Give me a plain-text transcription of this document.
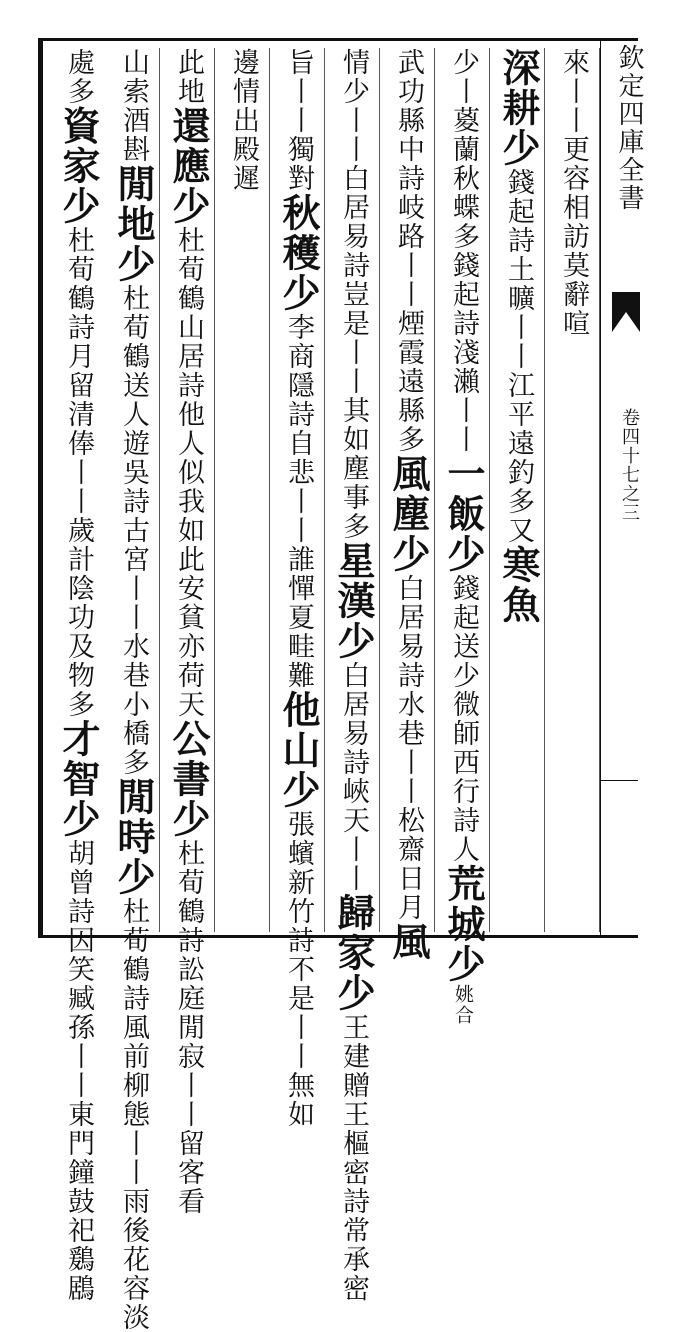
欽定四庫全書
卷四十七之三
來丨丨更容相訪莫辭喧
深耕少錢起詩土曠丨丨江平遠釣多又寒魚
少丨葼蘭秋蝶多錢起詩淺瀨丨丨一飯少錢起送少微師西行詩人荒城少姚合
武功縣中詩岐路丨丨煙霞遠縣多風塵少白居易詩水巷丨丨松齋日月風
情少丨丨白居易詩豈是丨丨其如塵事多星漢少白居易詩峽天丨丨歸家少王建贈王樞密詩常承密
旨丨丨獨對秋穫少李商隱詩自悲丨丨誰憚夏畦難他山少張蠙新竹詩不是丨丨無如
邊情出殿遲
此地還應少杜荀鶴山居詩他人似我如此安貧亦荷天公書少杜荀鶴詩訟庭閒寂丨丨留客看
山索酒斟閒地少杜荀鶴送人遊吳詩古宮丨丨水巷小橋多閒時少杜荀鶴詩風前柳態丨丨雨後花容淡
處多資家少杜荀鶴詩月留清俸丨丨歲計陰功及物多才智少胡曾詩因笑臧孫丨丨東門鐘鼓祀鶢鶋
